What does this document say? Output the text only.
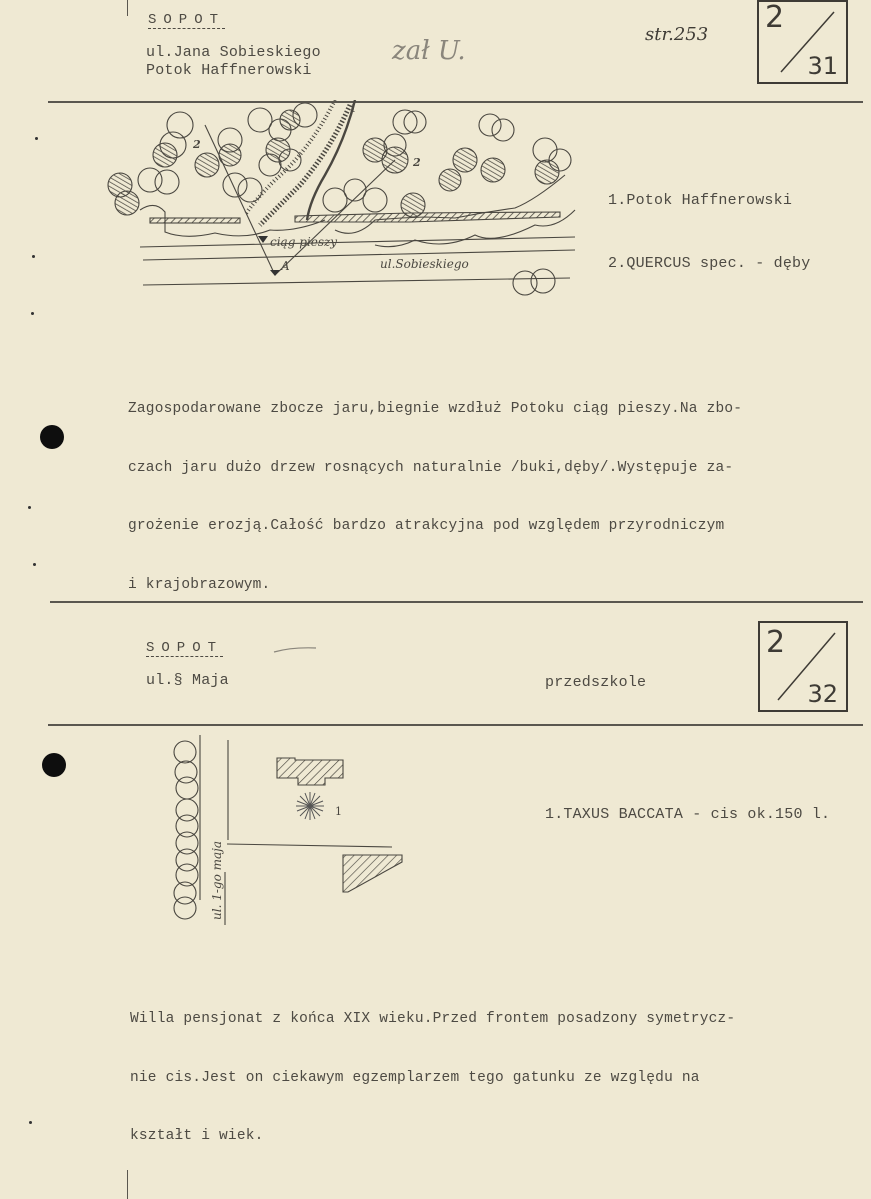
SOPOT
ul.Jana Sobieskiego
Potok Haffnerowski
zał U.
str.253 2
31
ciąg pieszy
A	ul.Sobieskiego
1
2
2

1.Potok Haffnerowski

2.QUERCUS spec. - dęby

Zagospodarowane zbocze jaru,biegnie wzdłuż Potoku ciąg pieszy.Na zbo-

czach jaru dużo drzew rosnących naturalnie /buki,dęby/.Występuje za-

grożenie erozją.Całość bardzo atrakcyjna pod względem przyrodniczym

i krajobrazowym.

SOPOT
ul.§ Maja	przedszkole
2
32
1
ul. 1-go maja

1.TAXUS BACCATA - cis ok.150 l.

Willa pensjonat z końca XIX wieku.Przed frontem posadzony symetrycz-

nie cis.Jest on ciekawym egzemplarzem tego gatunku ze względu na

kształt i wiek.
